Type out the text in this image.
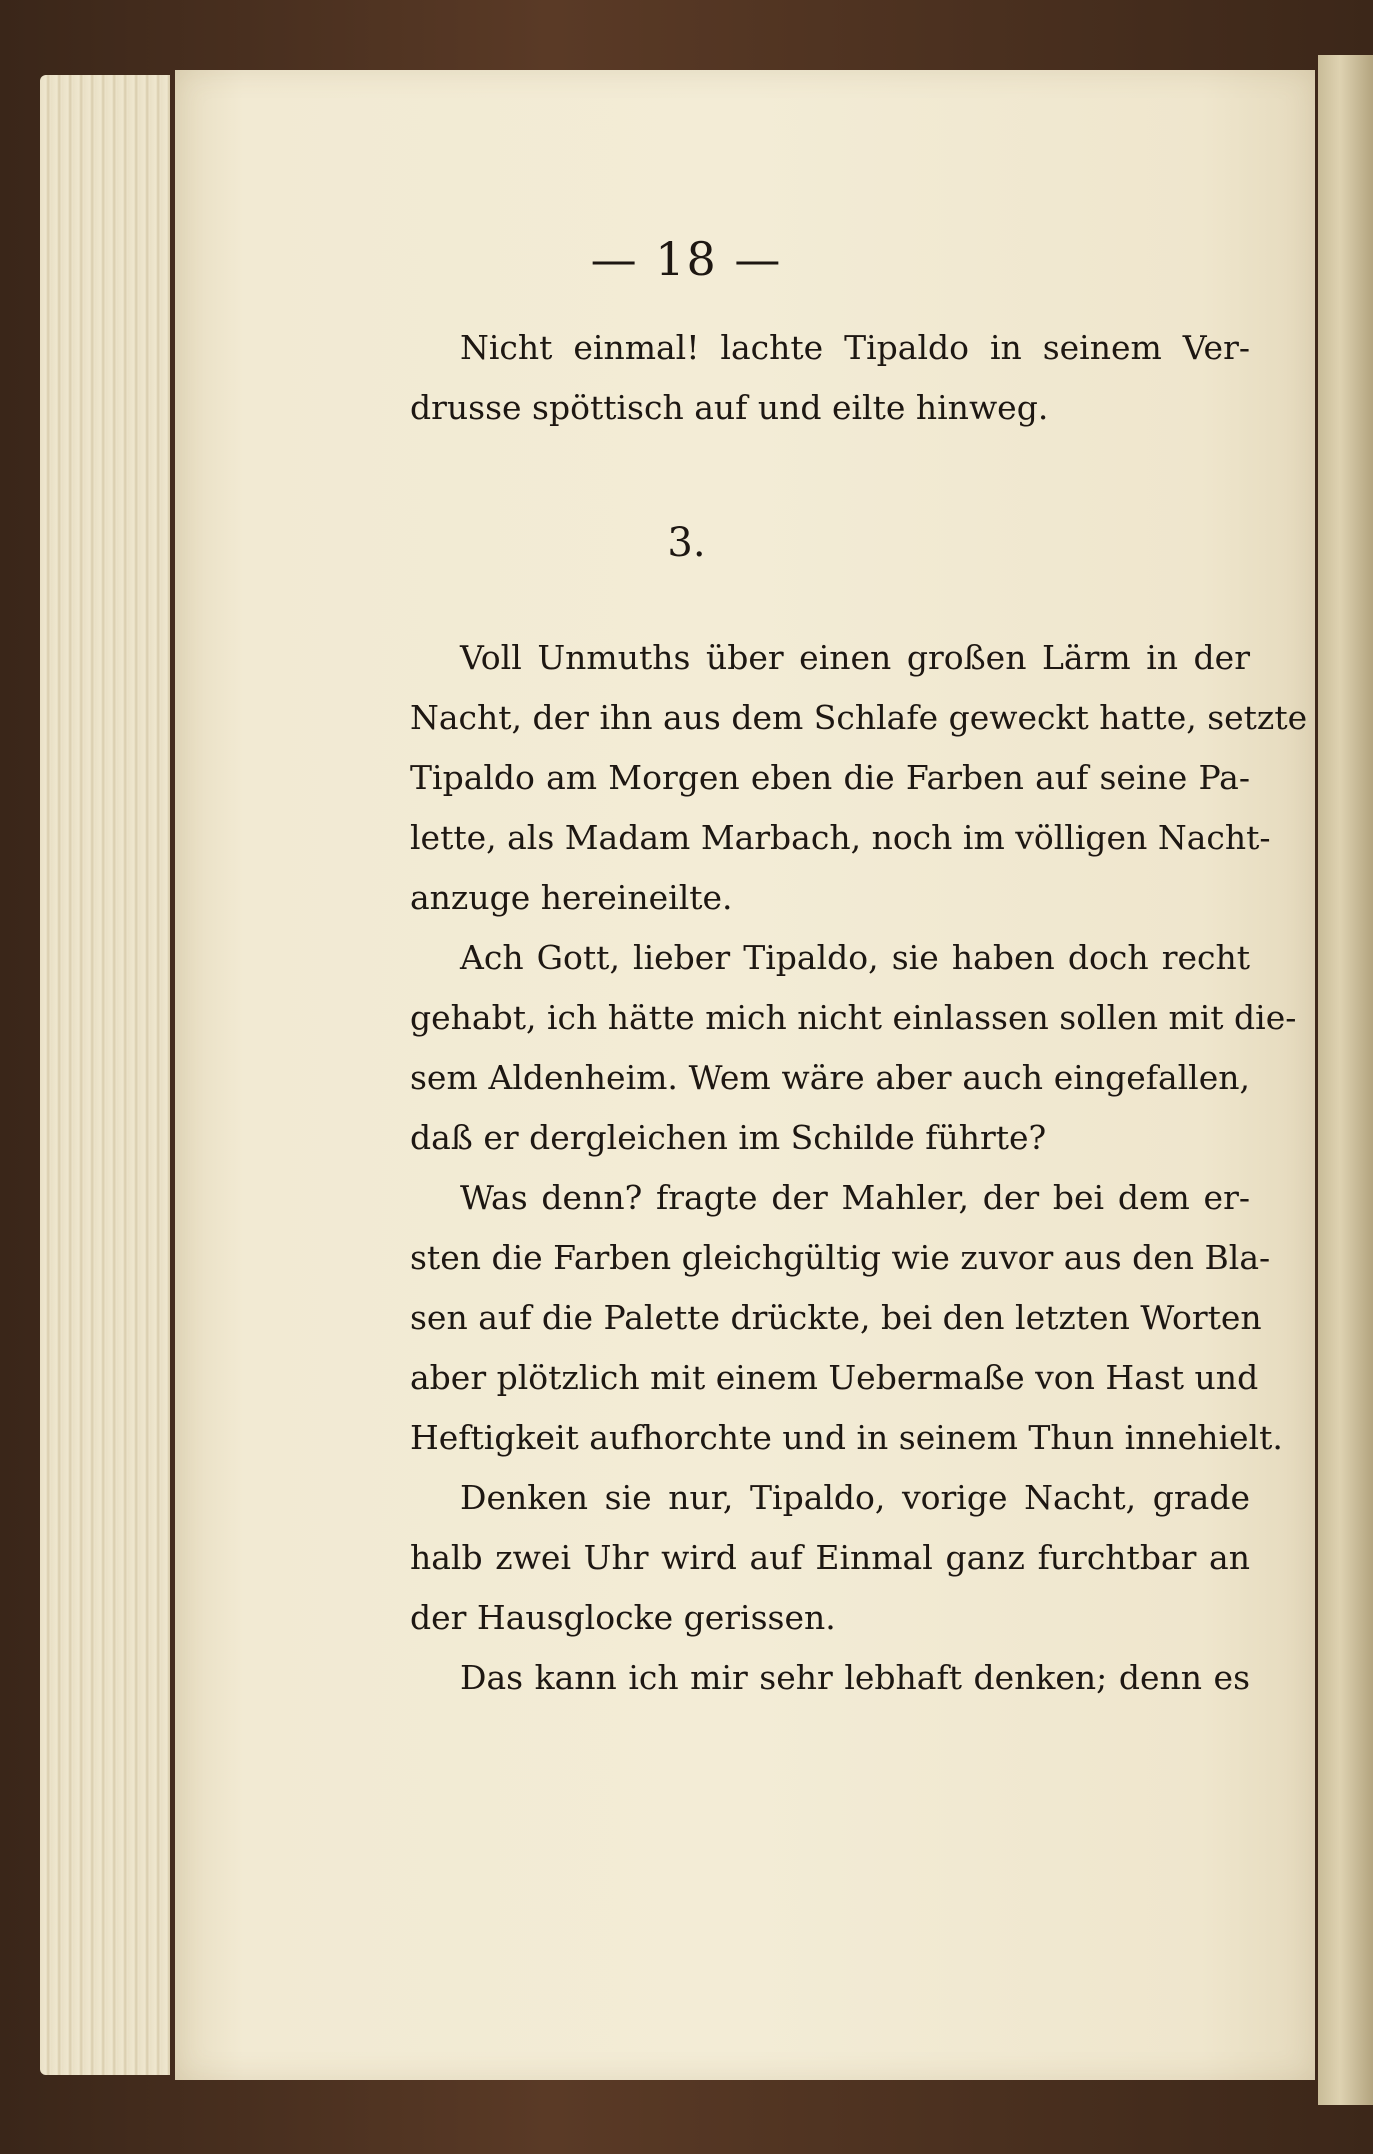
— 18 —
Nicht einmal! lachte Tipaldo in seinem Ver-
drusse spöttisch auf und eilte hinweg.
3.
Voll Unmuths über einen großen Lärm in der
Nacht, der ihn aus dem Schlafe geweckt hatte, setzte
Tipaldo am Morgen eben die Farben auf seine Pa-
lette, als Madam Marbach, noch im völligen Nacht-
anzuge hereineilte.
Ach Gott, lieber Tipaldo, sie haben doch recht
gehabt, ich hätte mich nicht einlassen sollen mit die-
sem Aldenheim. Wem wäre aber auch eingefallen,
daß er dergleichen im Schilde führte?
Was denn? fragte der Mahler, der bei dem er-
sten die Farben gleichgültig wie zuvor aus den Bla-
sen auf die Palette drückte, bei den letzten Worten
aber plötzlich mit einem Uebermaße von Hast und
Heftigkeit aufhorchte und in seinem Thun innehielt.
Denken sie nur, Tipaldo, vorige Nacht, grade
halb zwei Uhr wird auf Einmal ganz furchtbar an
der Hausglocke gerissen.
Das kann ich mir sehr lebhaft denken; denn es
